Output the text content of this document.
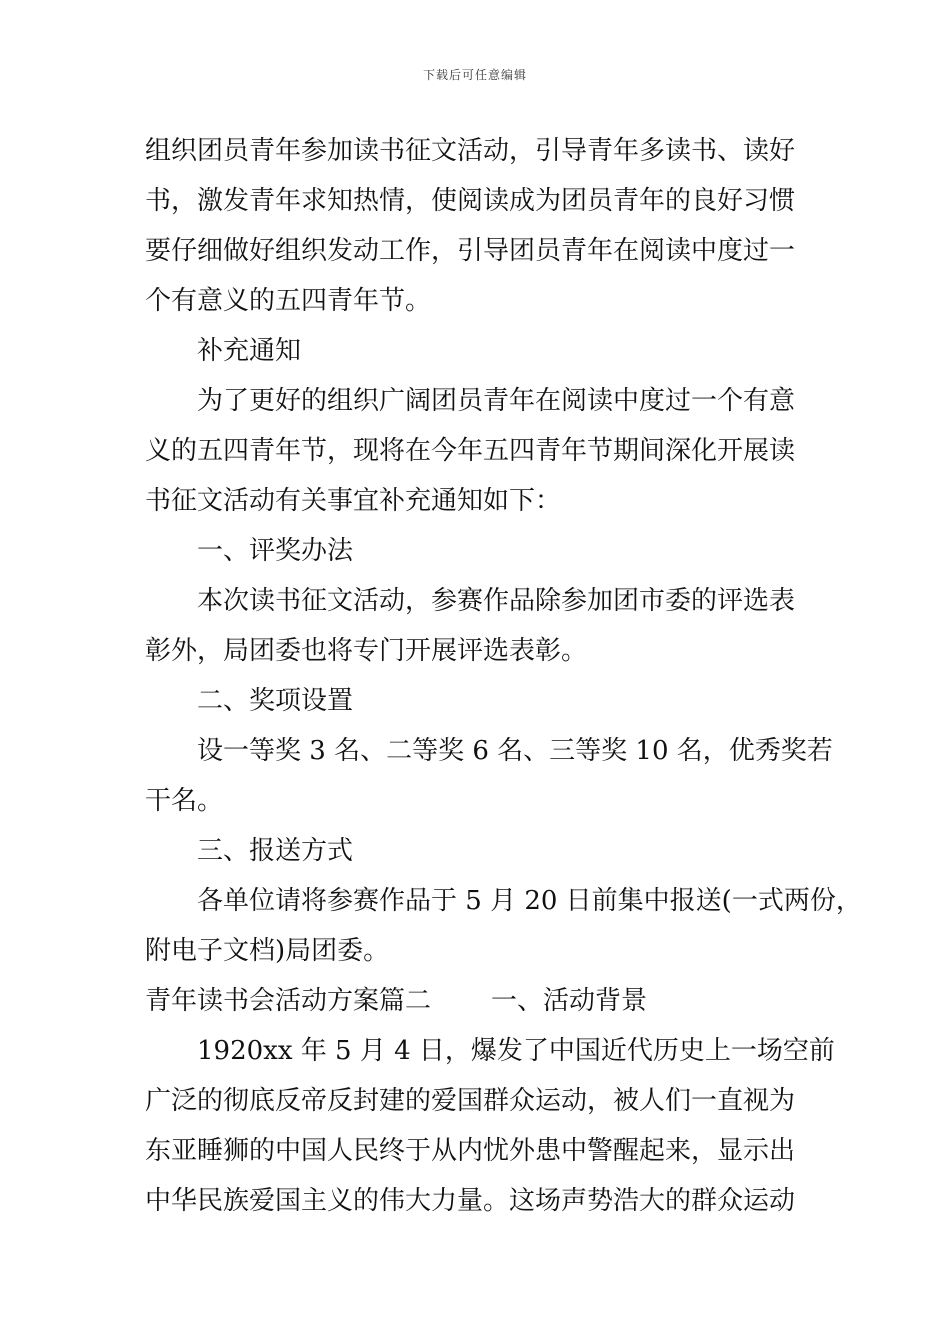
下载后可任意编辑
组织团员青年参加读书征文活动，引导青年多读书、读好
书，激发青年求知热情，使阅读成为团员青年的良好习惯
要仔细做好组织发动工作，引导团员青年在阅读中度过一
个有意义的五四青年节。
补充通知
为了更好的组织广阔团员青年在阅读中度过一个有意
义的五四青年节，现将在今年五四青年节期间深化开展读
书征文活动有关事宜补充通知如下：
一、评奖办法
本次读书征文活动，参赛作品除参加团市委的评选表
彰外，局团委也将专门开展评选表彰。
二、奖项设置
设一等奖 3 名、二等奖 6 名、三等奖 10 名，优秀奖若
干名。
三、报送方式
各单位请将参赛作品于 5 月 20 日前集中报送(一式两份，
附电子文档)局团委。
青年读书会活动方案篇二 一、活动背景
1920xx 年 5 月 4 日，爆发了中国近代历史上一场空前
广泛的彻底反帝反封建的爱国群众运动，被人们一直视为
东亚睡狮的中国人民终于从内忧外患中警醒起来，显示出
中华民族爱国主义的伟大力量。这场声势浩大的群众运动
